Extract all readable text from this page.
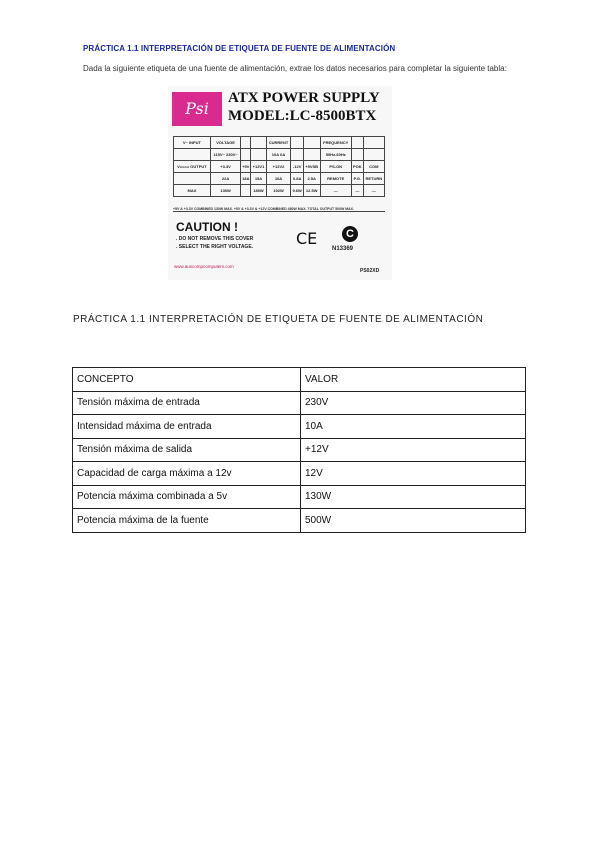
PRÁCTICA 1.1 INTERPRETACIÓN DE ETIQUETA DE FUENTE DE ALIMENTACIÓN
Dada la siguiente etiqueta de una fuente de alimentación, extrae los datos necesarios para completar la siguiente tabla:
Psi
ATX POWER SUPPLY
MODEL:LC-8500BTX
V~ INPUT	VOLTAGE			CURRENT			FREQUENCY		
	115V~ 230V~			10A 6A			50Hz-60Hz		
V==== OUTPUT	+3.3V	+5V	+12V1	+12V2	-12V	+5VSB	PS-ON	POK	COM
	22A	18A	15A	16A	0.8A	2.5A	REMOTE	P.G.	RETURN
MAX	130W		180W	192W	9.6W	12.5W	—	—	—
+5V & +3.3V COMBINED 130W MAX. +5V & +3.3V & +12V COMBINED 480W MAX. TOTAL OUTPUT 500W MAX.
CAUTION !
. DO NOT REMOVE THIS COVER
. SELECT THE RIGHT VOLTAGE.	CE	C
N13369
www.auscompcomputers.com
PS02XD
PRÁCTICA 1.1 INTERPRETACIÓN DE ETIQUETA DE FUENTE DE ALIMENTACIÓN
CONCEPTO	VALOR
Tensión máxima de entrada	230V
Intensidad máxima de entrada	10A
Tensión máxima de salida	+12V
Capacidad de carga máxima a 12v	12V
Potencia máxima combinada a 5v	130W
Potencia máxima de la fuente	500W
